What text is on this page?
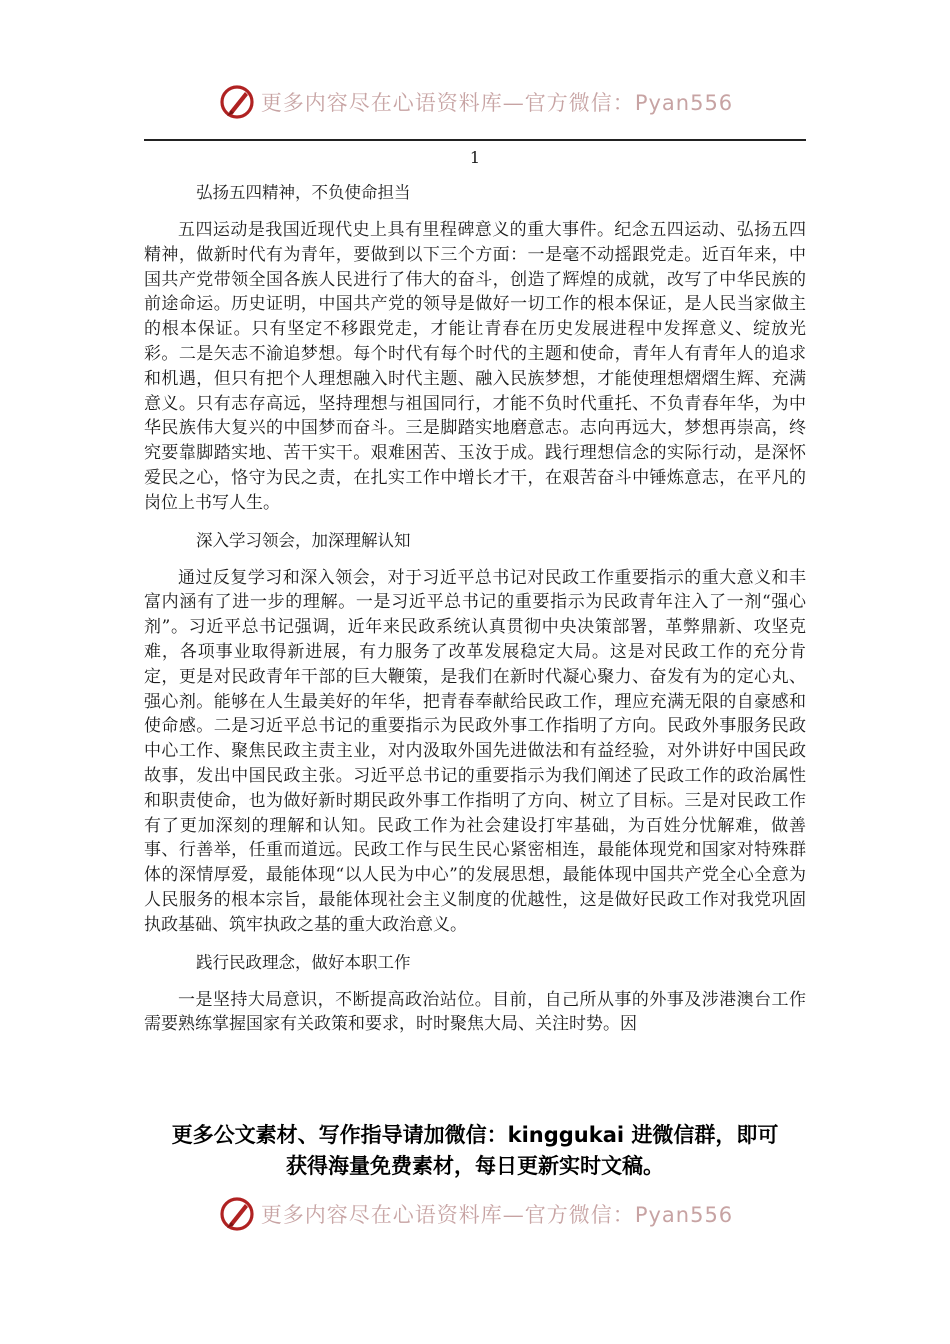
更多内容尽在心语资料库—官方微信：Pyan556
1
弘扬五四精神，不负使命担当

五四运动是我国近现代史上具有里程碑意义的重大事件。纪念五四运动、弘扬五四精神，做新时代有为青年，要做到以下三个方面：一是毫不动摇跟党走。近百年来，中国共产党带领全国各族人民进行了伟大的奋斗，创造了辉煌的成就，改写了中华民族的前途命运。历史证明，中国共产党的领导是做好一切工作的根本保证，是人民当家做主的根本保证。只有坚定不移跟党走，才能让青春在历史发展进程中发挥意义、绽放光彩。二是矢志不渝追梦想。每个时代有每个时代的主题和使命，青年人有青年人的追求和机遇，但只有把个人理想融入时代主题、融入民族梦想，才能使理想熠熠生辉、充满意义。只有志存高远，坚持理想与祖国同行，才能不负时代重托、不负青春年华，为中华民族伟大复兴的中国梦而奋斗。三是脚踏实地磨意志。志向再远大，梦想再崇高，终究要靠脚踏实地、苦干实干。艰难困苦、玉汝于成。践行理想信念的实际行动，是深怀爱民之心，恪守为民之责，在扎实工作中增长才干，在艰苦奋斗中锤炼意志，在平凡的岗位上书写人生。

深入学习领会，加深理解认知

通过反复学习和深入领会，对于习近平总书记对民政工作重要指示的重大意义和丰富内涵有了进一步的理解。一是习近平总书记的重要指示为民政青年注入了一剂“强心剂”。习近平总书记强调，近年来民政系统认真贯彻中央决策部署，革弊鼎新、攻坚克难，各项事业取得新进展，有力服务了改革发展稳定大局。这是对民政工作的充分肯定，更是对民政青年干部的巨大鞭策，是我们在新时代凝心聚力、奋发有为的定心丸、强心剂。能够在人生最美好的年华，把青春奉献给民政工作，理应充满无限的自豪感和使命感。二是习近平总书记的重要指示为民政外事工作指明了方向。民政外事服务民政中心工作、聚焦民政主责主业，对内汲取外国先进做法和有益经验，对外讲好中国民政故事，发出中国民政主张。习近平总书记的重要指示为我们阐述了民政工作的政治属性和职责使命，也为做好新时期民政外事工作指明了方向、树立了目标。三是对民政工作有了更加深刻的理解和认知。民政工作为社会建设打牢基础，为百姓分忧解难，做善事、行善举，任重而道远。民政工作与民生民心紧密相连，最能体现党和国家对特殊群体的深情厚爱，最能体现“以人民为中心”的发展思想，最能体现中国共产党全心全意为人民服务的根本宗旨，最能体现社会主义制度的优越性，这是做好民政工作对我党巩固执政基础、筑牢执政之基的重大政治意义。

践行民政理念，做好本职工作

一是坚持大局意识，不断提高政治站位。目前，自己所从事的外事及涉港澳台工作需要熟练掌握国家有关政策和要求，时时聚焦大局、关注时势。因

更多公文素材、写作指导请加微信：kinggukai 进微信群，即可
获得海量免费素材，每日更新实时文稿。
更多内容尽在心语资料库—官方微信：Pyan556
